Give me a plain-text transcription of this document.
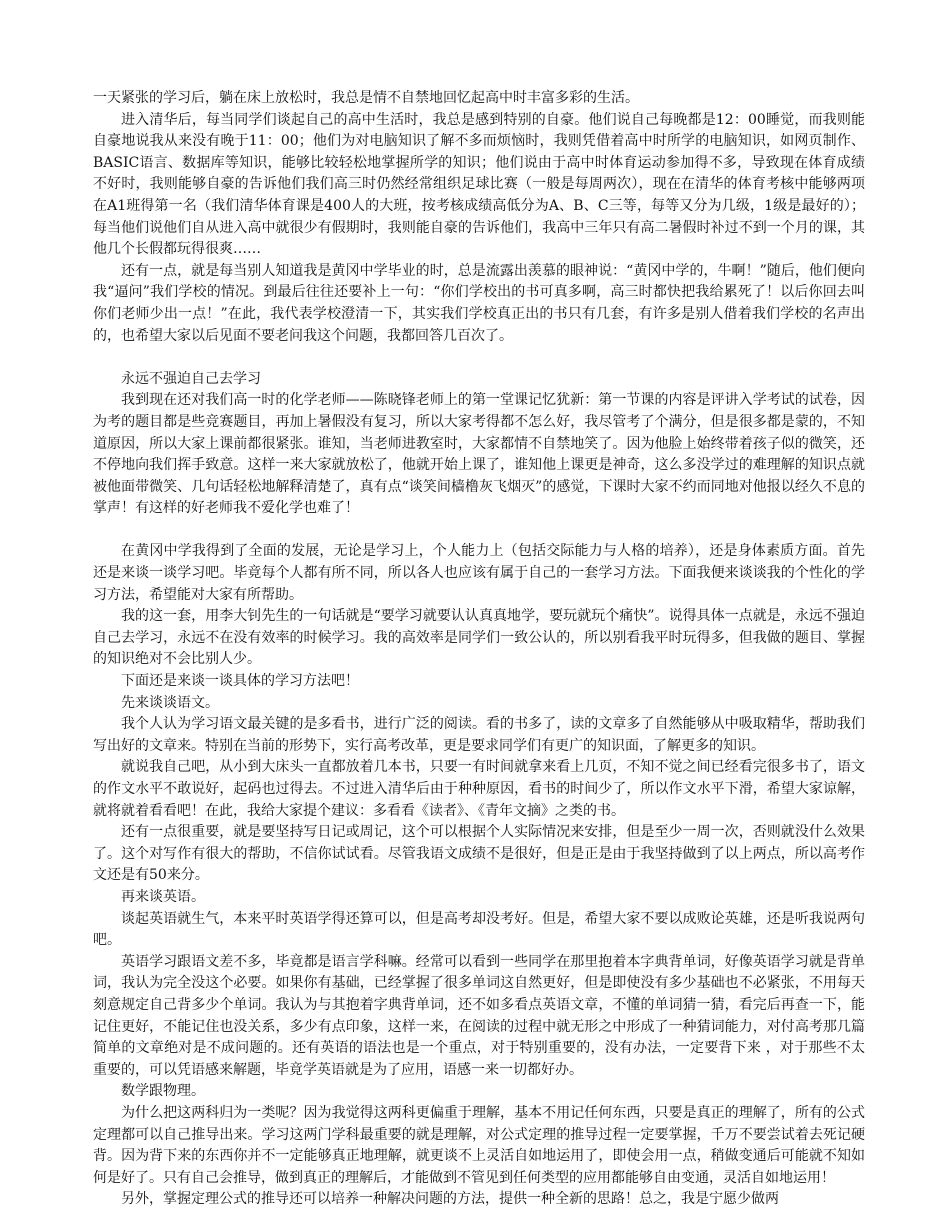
一天紧张的学习后，躺在床上放松时，我总是情不自禁地回忆起高中时丰富多彩的生活。

进入清华后，每当同学们谈起自己的高中生活时，我总是感到特别的自豪。他们说自己每晚都是12：00睡觉，而我则能自豪地说我从来没有晚于11：00；他们为对电脑知识了解不多而烦恼时，我则凭借着高中时所学的电脑知识，如网页制作、BASIC语言、数据库等知识，能够比较轻松地掌握所学的知识；他们说由于高中时体育运动参加得不多，导致现在体育成绩不好时，我则能够自豪的告诉他们我们高三时仍然经常组织足球比赛（一般是每周两次），现在在清华的体育考核中能够两项在A1班得第一名（我们清华体育课是400人的大班，按考核成绩高低分为A、B、C三等，每等又分为几级，1级是最好的）；每当他们说他们自从进入高中就很少有假期时，我则能自豪的告诉他们，我高中三年只有高二暑假时补过不到一个月的课，其他几个长假都玩得很爽……

还有一点，就是每当别人知道我是黄冈中学毕业的时，总是流露出羡慕的眼神说：“黄冈中学的，牛啊！”随后，他们便向我“逼问”我们学校的情况。到最后往往还要补上一句：“你们学校出的书可真多啊，高三时都快把我给累死了！以后你回去叫你们老师少出一点！”在此，我代表学校澄清一下，其实我们学校真正出的书只有几套，有许多是别人借着我们学校的名声出的，也希望大家以后见面不要老问我这个问题，我都回答几百次了。

永远不强迫自己去学习

我到现在还对我们高一时的化学老师——陈晓锋老师上的第一堂课记忆犹新：第一节课的内容是评讲入学考试的试卷，因为考的题目都是些竞赛题目，再加上暑假没有复习，所以大家考得都不怎么好，我尽管考了个满分，但是很多都是蒙的，不知道原因，所以大家上课前都很紧张。谁知，当老师进教室时，大家都情不自禁地笑了。因为他脸上始终带着孩子似的微笑，还不停地向我们挥手致意。这样一来大家就放松了，他就开始上课了，谁知他上课更是神奇，这么多没学过的难理解的知识点就被他面带微笑、几句话轻松地解释清楚了，真有点“谈笑间樯橹灰飞烟灭”的感觉，下课时大家不约而同地对他报以经久不息的掌声！有这样的好老师我不爱化学也难了！

在黄冈中学我得到了全面的发展，无论是学习上，个人能力上（包括交际能力与人格的培养），还是身体素质方面。首先还是来谈一谈学习吧。毕竟每个人都有所不同，所以各人也应该有属于自己的一套学习方法。下面我便来谈谈我的个性化的学习方法，希望能对大家有所帮助。

我的这一套，用李大钊先生的一句话就是“要学习就要认认真真地学，要玩就玩个痛快”。说得具体一点就是，永远不强迫自己去学习，永远不在没有效率的时候学习。我的高效率是同学们一致公认的，所以别看我平时玩得多，但我做的题目、掌握的知识绝对不会比别人少。

下面还是来谈一谈具体的学习方法吧！

先来谈谈语文。

我个人认为学习语文最关键的是多看书，进行广泛的阅读。看的书多了，读的文章多了自然能够从中吸取精华，帮助我们写出好的文章来。特别在当前的形势下，实行高考改革，更是要求同学们有更广的知识面，了解更多的知识。

就说我自己吧，从小到大床头一直都放着几本书，只要一有时间就拿来看上几页，不知不觉之间已经看完很多书了，语文的作文水平不敢说好，起码也过得去。不过进入清华后由于种种原因，看书的时间少了，所以作文水平下滑，希望大家谅解，就将就着看看吧！在此，我给大家提个建议：多看看《读者》、《青年文摘》之类的书。

还有一点很重要，就是要坚持写日记或周记，这个可以根据个人实际情况来安排，但是至少一周一次，否则就没什么效果了。这个对写作有很大的帮助，不信你试试看。尽管我语文成绩不是很好，但是正是由于我坚持做到了以上两点，所以高考作文还是有50来分。

再来谈英语。

谈起英语就生气，本来平时英语学得还算可以，但是高考却没考好。但是，希望大家不要以成败论英雄，还是听我说两句吧。

英语学习跟语文差不多，毕竟都是语言学科嘛。经常可以看到一些同学在那里抱着本字典背单词，好像英语学习就是背单词，我认为完全没这个必要。如果你有基础，已经掌握了很多单词这自然更好，但是即使没有多少基础也不必紧张，不用每天刻意规定自己背多少个单词。我认为与其抱着字典背单词，还不如多看点英语文章，不懂的单词猜一猜，看完后再查一下，能记住更好，不能记住也没关系，多少有点印象，这样一来，在阅读的过程中就无形之中形成了一种猜词能力，对付高考那几篇简单的文章绝对是不成问题的。还有英语的语法也是一个重点，对于特别重要的，没有办法，一定要背下来 ，对于那些不太重要的，可以凭语感来解题，毕竟学英语就是为了应用，语感一来一切都好办。

数学跟物理。

为什么把这两科归为一类呢？因为我觉得这两科更偏重于理解，基本不用记任何东西，只要是真正的理解了，所有的公式定理都可以自己推导出来。学习这两门学科最重要的就是理解，对公式定理的推导过程一定要掌握，千万不要尝试着去死记硬背。因为背下来的东西你并不一定能够真正地理解，就更谈不上灵活自如地运用了，即使会用一点，稍做变通后可能就不知如何是好了。只有自己会推导，做到真正的理解后，才能做到不管见到任何类型的应用都能够自由变通，灵活自如地运用！

另外，掌握定理公式的推导还可以培养一种解决问题的方法，提供一种全新的思路！总之，我是宁愿少做两
